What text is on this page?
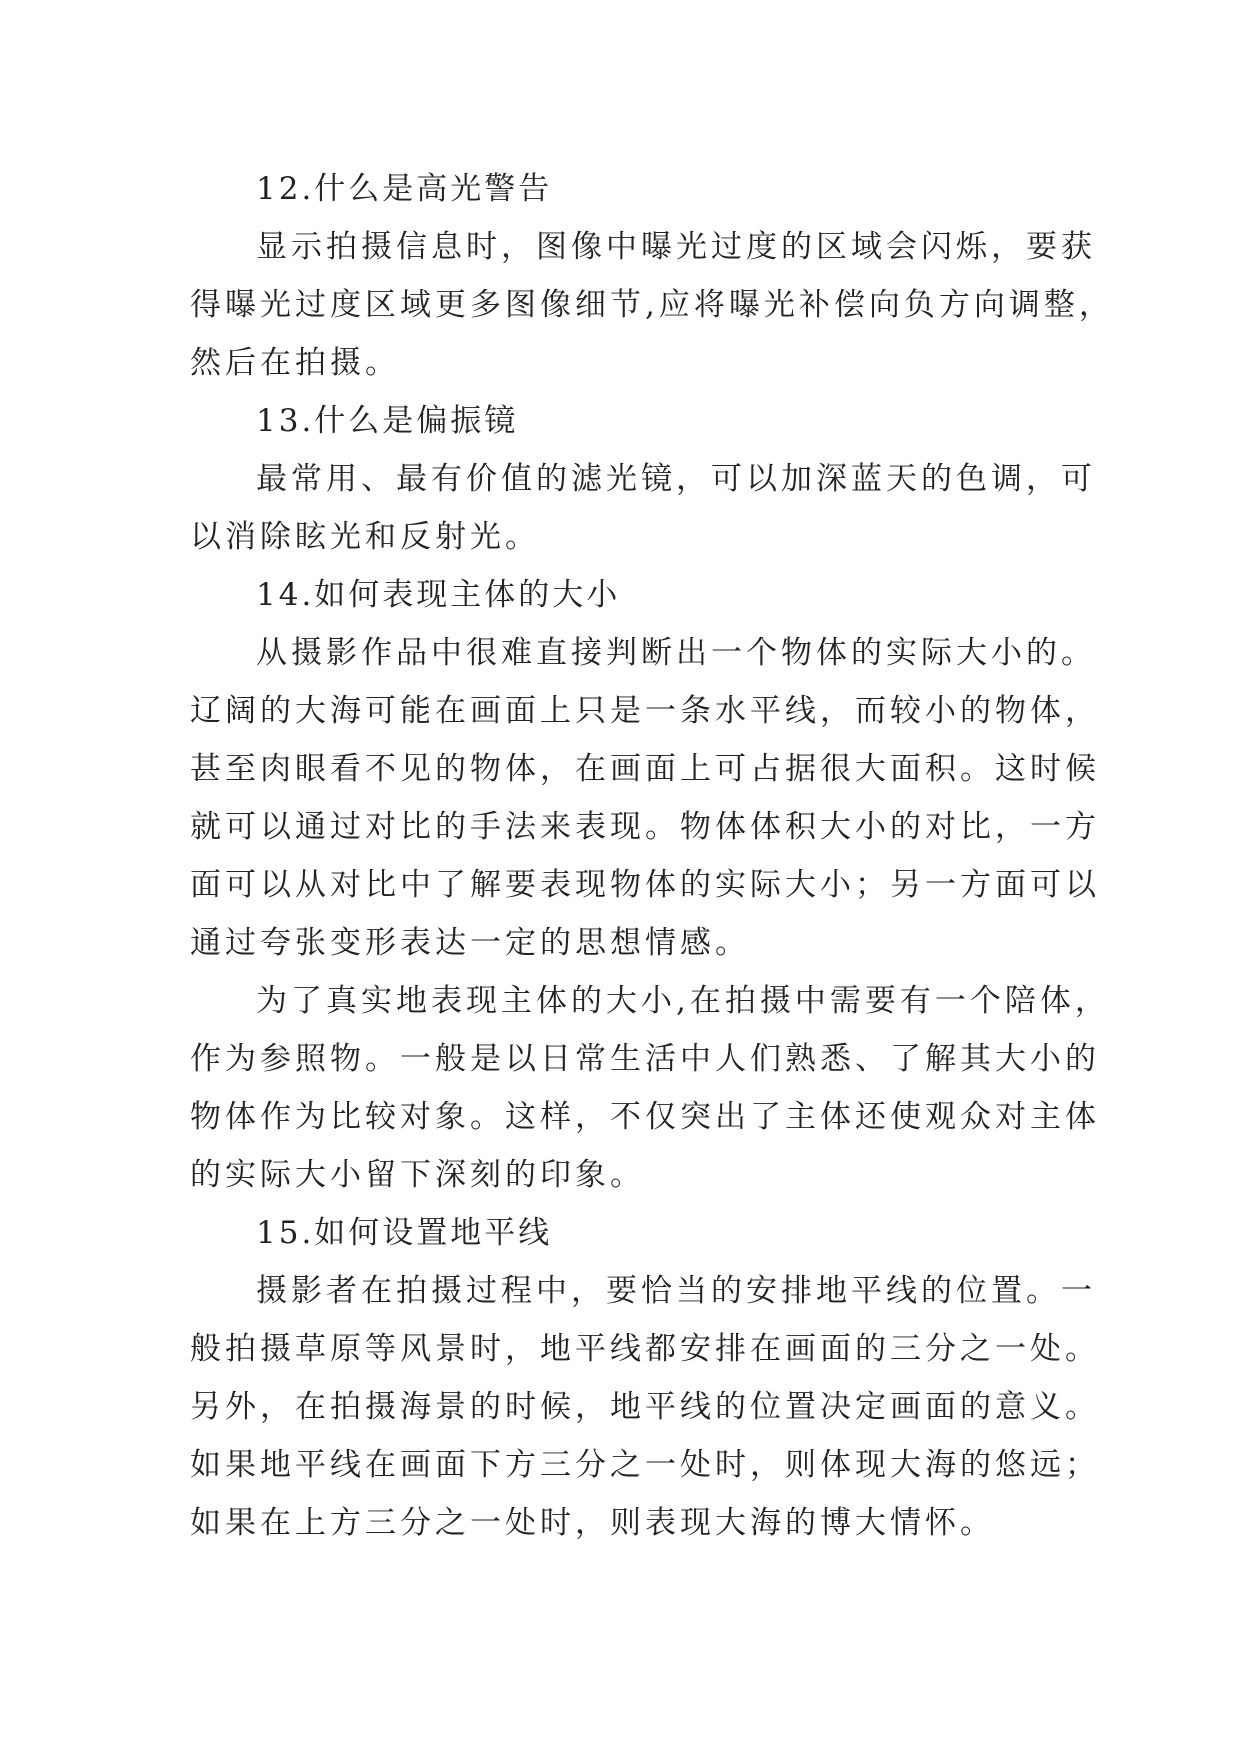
12.什么是高光警告
显示拍摄信息时，图像中曝光过度的区域会闪烁，要获
得曝光过度区域更多图像细节,应将曝光补偿向负方向调整，
然后在拍摄。
13.什么是偏振镜
最常用、最有价值的滤光镜，可以加深蓝天的色调，可
以消除眩光和反射光。
14.如何表现主体的大小
从摄影作品中很难直接判断出一个物体的实际大小的。
辽阔的大海可能在画面上只是一条水平线，而较小的物体，
甚至肉眼看不见的物体，在画面上可占据很大面积。这时候
就可以通过对比的手法来表现。物体体积大小的对比，一方
面可以从对比中了解要表现物体的实际大小；另一方面可以
通过夸张变形表达一定的思想情感。
为了真实地表现主体的大小,在拍摄中需要有一个陪体，
作为参照物。一般是以日常生活中人们熟悉、了解其大小的
物体作为比较对象。这样，不仅突出了主体还使观众对主体
的实际大小留下深刻的印象。
15.如何设置地平线
摄影者在拍摄过程中，要恰当的安排地平线的位置。一
般拍摄草原等风景时，地平线都安排在画面的三分之一处。
另外，在拍摄海景的时候，地平线的位置决定画面的意义。
如果地平线在画面下方三分之一处时，则体现大海的悠远；
如果在上方三分之一处时，则表现大海的博大情怀。
